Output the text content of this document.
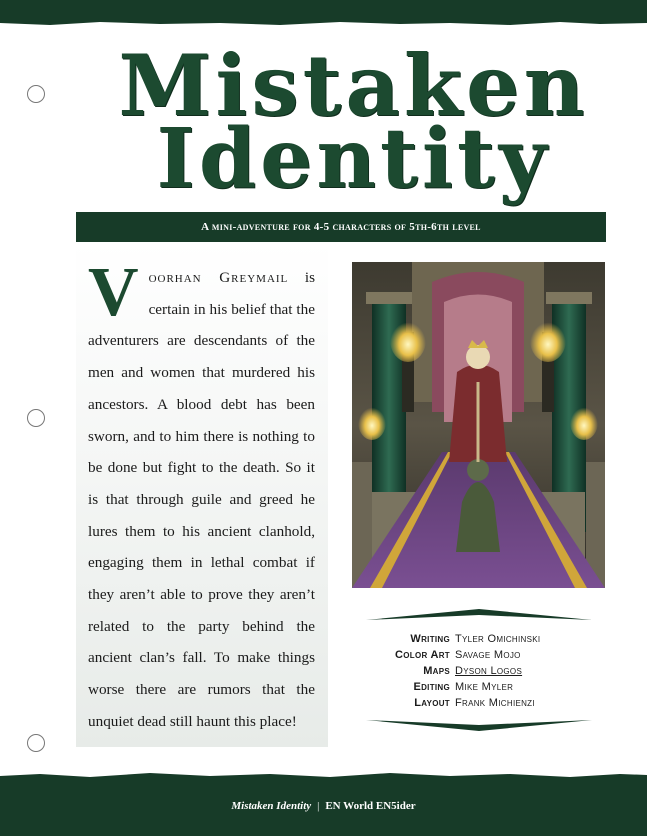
Mistaken
Identity
A mini-adventure for 4-5 characters of 5th-6th level

Voorhan Greymail is certain in his belief that the adventurers are descendants of the men and women that murdered his ancestors. A blood debt has been sworn, and to him there is nothing to be done but fight to the death. So it is that through guile and greed he lures them to his ancient clanhold, engaging them in lethal combat if they aren’t able to prove they aren’t related to the party behind the ancient clan’s fall. To make things worse there are rumors that the unquiet dead still haunt this place!

Writing Tyler Omichinski
Color Art Savage Mojo
Maps Dyson Logos
Editing Mike Myler
Layout Frank Michienzi
Mistaken Identity | EN World EN5ider
